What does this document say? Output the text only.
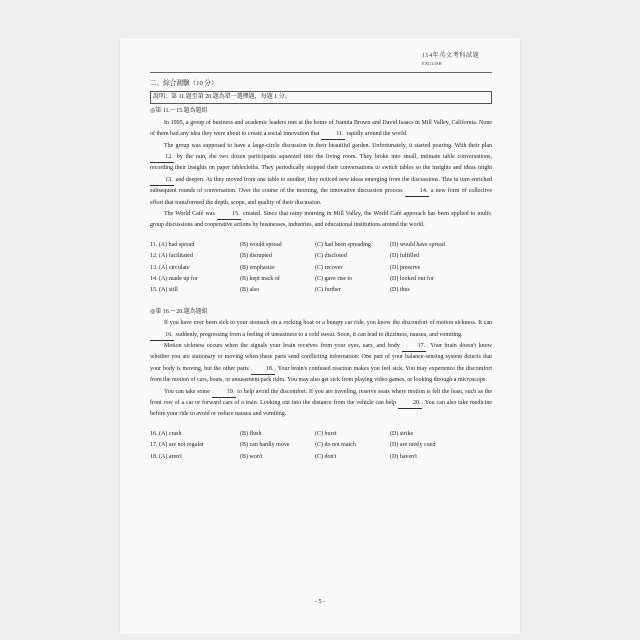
114年英文考科試題
ENGLISH
二、綜合測驗（10 分）
說明：第 11.題至第 20.題為單一選擇題，每題 1 分。

◎第 11.～15.題為題組

In 1995, a group of business and academic leaders met at the home of Juanita Brown and David Isaacs in Mill Valley, California. None of them had any idea they were about to create a social innovation that	11. rapidly around the world.

The group was supposed to have a large-circle discussion in their beautiful garden. Unfortunately, it started pouring. With their plan 12. by the rain, the two dozen participants squeezed into the living room. They broke into small, intimate table conversations, recording their insights on paper tablecloths. They periodically stopped their conversations to switch tables so the insights and ideas might 13. and deepen. As they moved from one table to another, they noticed new ideas emerging from the discussions. This in turn enriched subsequent rounds of conversation. Over the course of the morning, the innovative discussion process	14. a new form of collective effort that transformed the depth, scope, and quality of their discussion.

The World Café was	15. created. Since that rainy morning in Mill Valley, the World Café approach has been applied to multi-group discussions and cooperative actions by businesses, industries, and educational institutions around the world.

11. (A) had spread	(B) would spread	(C) had been spreading	(D) would have spread
12. (A) facilitated	(B) disrupted	(C) disclosed	(D) fulfilled
13. (A) circulate	(B) emphasize	(C) recover	(D) preserve
14. (A) made up for	(B) kept track of	(C) gave rise to	(D) looked out for
15. (A) still	(B) also	(C) further	(D) thus

◎第 16.～20.題為題組

If you have ever been sick to your stomach on a rocking boat or a bumpy car ride, you know the discomfort of motion sickness. It can 16. suddenly, progressing from a feeling of uneasiness to a cold sweat. Soon, it can lead to dizziness, nausea, and vomiting.

Motion sickness occurs when the signals your brain receives from your eyes, ears, and body	17.. Your brain doesn't know whether you are stationary or moving when these parts send conflicting information: One part of your balance-sensing system detects that your body is moving, but the other parts	18.. Your brain's confused reaction makes you feel sick. You may experience the discomfort from the motion of cars, boats, or amusement park rides. You may also get sick from playing video games, or looking through a microscope.

You can take some	19. to help avoid the discomfort. If you are traveling, reserve seats where motion is felt the least, such as the front row of a car or forward cars of a train. Looking out into the distance from the vehicle can help	20.. You can also take medicine before your ride to avoid or reduce nausea and vomiting.

16. (A) crash	(B) flush	(C) burst	(D) strike
17. (A) are not regular	(B) can hardly move	(C) do not match	(D) are rarely cued
18. (A) aren't	(B) won't	(C) don't	(D) haven't
- 5 -
